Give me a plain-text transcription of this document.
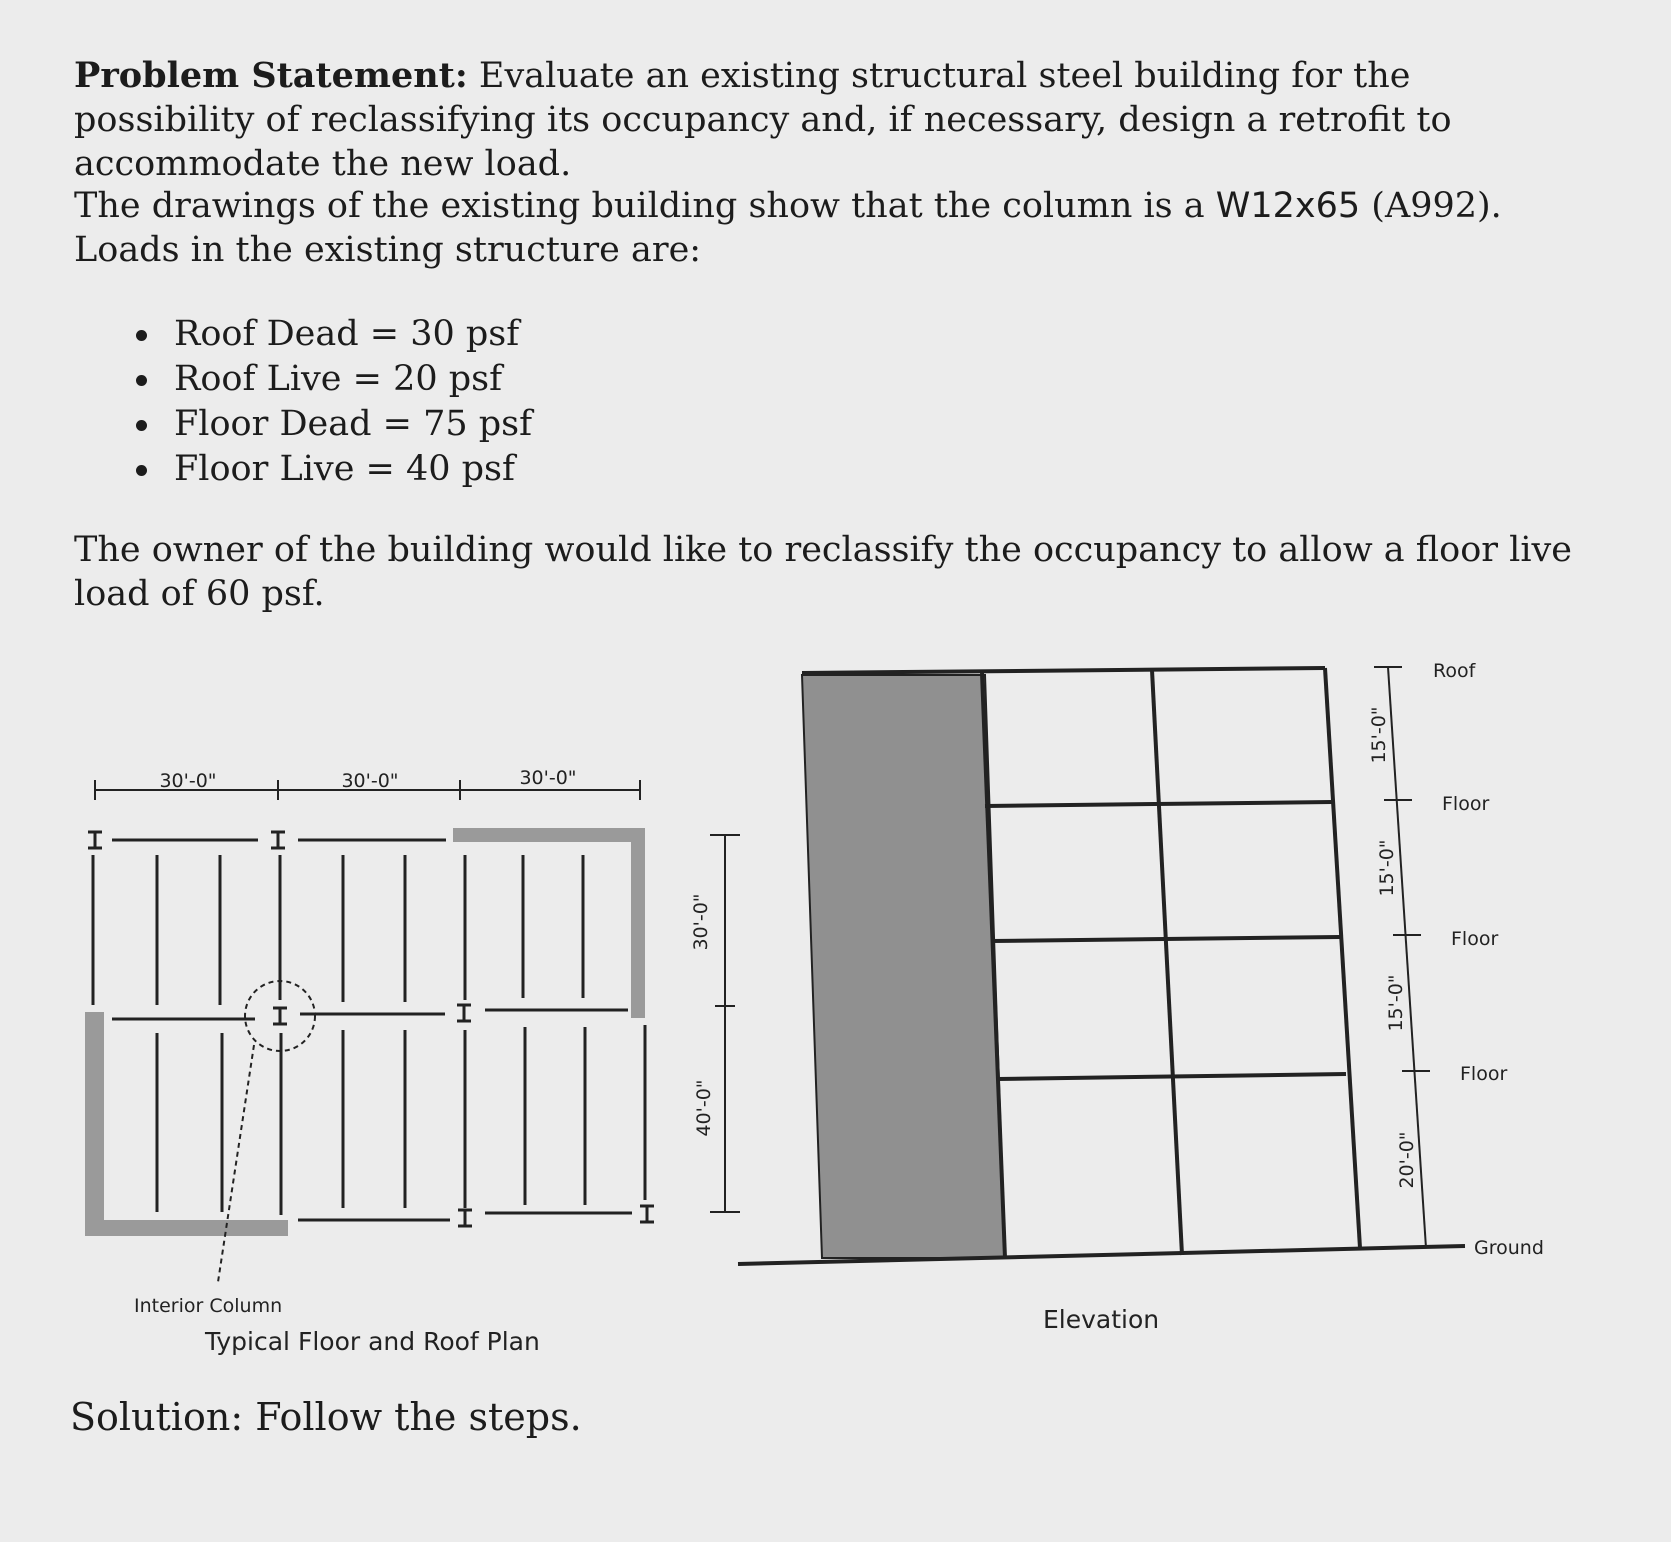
Problem Statement: Evaluate an existing structural steel building for the possibility of reclassifying its occupancy and, if necessary, design a retrofit to accommodate the new load.

The drawings of the existing building show that the column is a W12x65 (A992). Loads in the existing structure are:

Roof Dead = 30 psf
Roof Live = 20 psf
Floor Dead = 75 psf
Floor Live = 40 psf

The owner of the building would like to reclassify the occupancy to allow a floor live load of 60 psf.

30'-0"	30'-0"	30'-0"
30'-0"
40'-0"
Interior Column
Typical Floor and Roof Plan
15'-0"
15'-0"
15'-0"
20'-0"
Roof
Floor
Floor
Floor
Ground
Elevation

Solution: Follow the steps.
